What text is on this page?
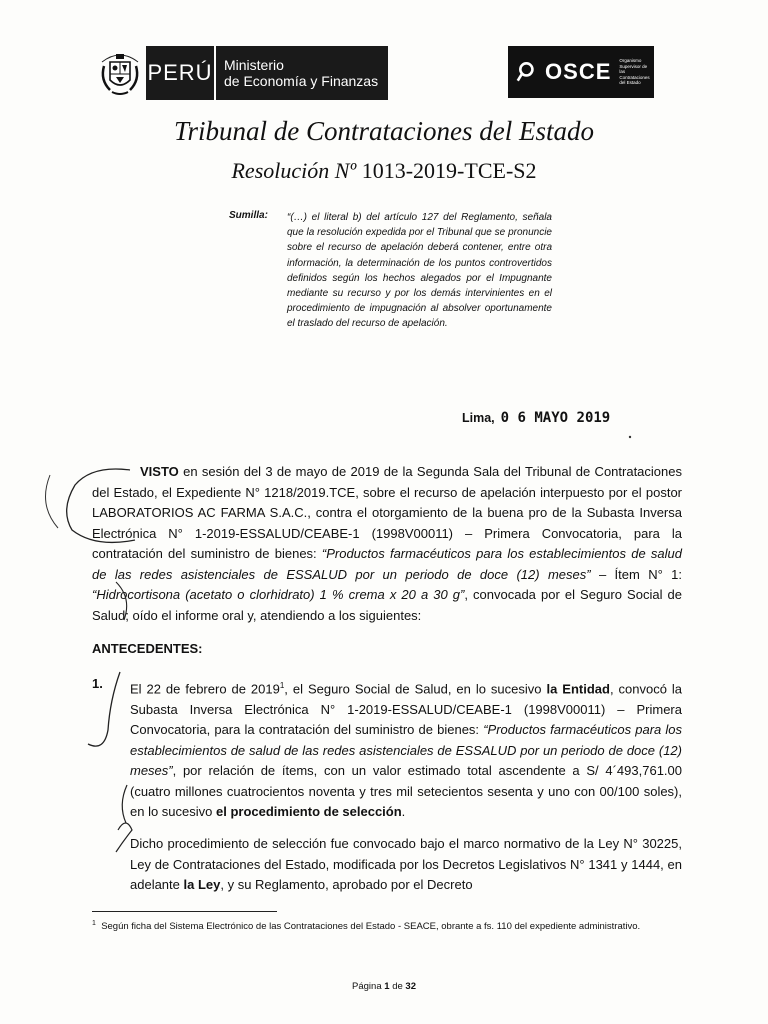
PERÚ Ministerio
de Economía y Finanzas	OSCE Organismo Supervisor de las Contrataciones del Estado
Tribunal de Contrataciones del Estado
Resolución Nº 1013-2019-TCE-S2
Sumilla: “(…) el literal b) del artículo 127 del Reglamento, señala que la resolución expedida por el Tribunal que se pronuncie sobre el recurso de apelación deberá contener, entre otra información, la determinación de los puntos controvertidos definidos según los hechos alegados por el Impugnante mediante su recurso y por los demás intervinientes en el procedimiento de impugnación al absolver oportunamente el traslado del recurso de apelación.
Lima, 0 6 MAYO 2019
VISTO en sesión del 3 de mayo de 2019 de la Segunda Sala del Tribunal de Contrataciones del Estado, el Expediente N° 1218/2019.TCE, sobre el recurso de apelación interpuesto por el postor LABORATORIOS AC FARMA S.A.C., contra el otorgamiento de la buena pro de la Subasta Inversa Electrónica N° 1-2019-ESSALUD/CEABE-1 (1998V00011) – Primera Convocatoria, para la contratación del suministro de bienes: “Productos farmacéuticos para los establecimientos de salud de las redes asistenciales de ESSALUD por un periodo de doce (12) meses” – Ítem N° 1: “Hidrocortisona (acetato o clorhidrato) 1 % crema x 20 a 30 g”, convocada por el Seguro Social de Salud; oído el informe oral y, atendiendo a los siguientes:
ANTECEDENTES:
1. El 22 de febrero de 2019$^1$, el Seguro Social de Salud, en lo sucesivo la Entidad, convocó la Subasta Inversa Electrónica N° 1-2019-ESSALUD/CEABE-1 (1998V00011) – Primera Convocatoria, para la contratación del suministro de bienes: “Productos farmacéuticos para los establecimientos de salud de las redes asistenciales de ESSALUD por un periodo de doce (12) meses”, por relación de ítems, con un valor estimado total ascendente a S/ 4´493,761.00 (cuatro millones cuatrocientos noventa y tres mil setecientos sesenta y uno con 00/100 soles), en lo sucesivo el procedimiento de selección.
Dicho procedimiento de selección fue convocado bajo el marco normativo de la Ley N° 30225, Ley de Contrataciones del Estado, modificada por los Decretos Legislativos N° 1341 y 1444, en adelante la Ley, y su Reglamento, aprobado por el Decreto
$^1$ Según ficha del Sistema Electrónico de las Contrataciones del Estado - SEACE, obrante a fs. 110 del expediente administrativo.
Página 1 de 32
